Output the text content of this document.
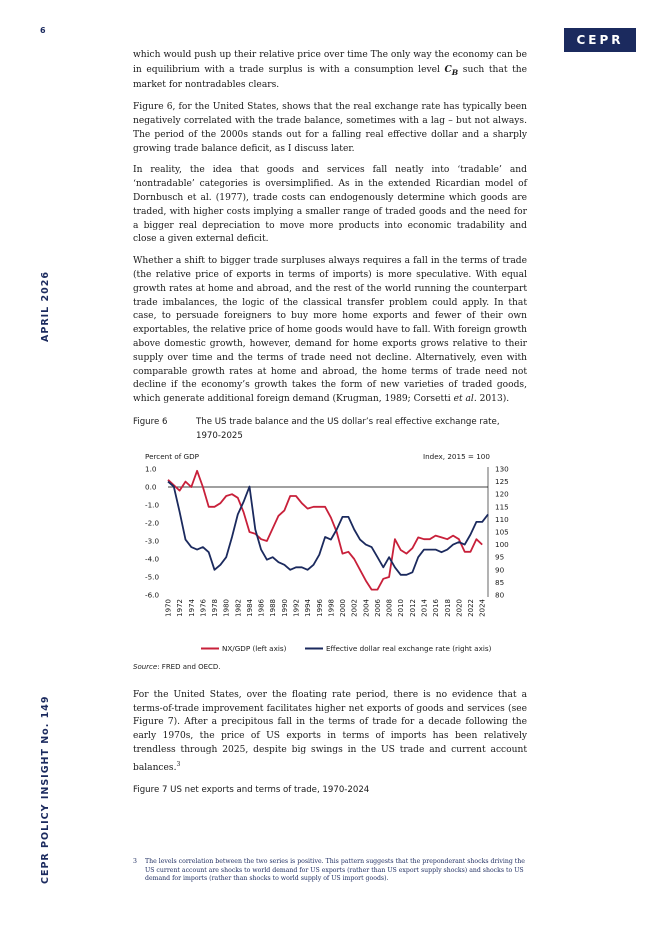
6
CEPR
APRIL 2026
CEPR POLICY INSIGHT No. 149

which would push up their relative price over time The only way the economy can be in equilibrium with a trade surplus is with a consumption level $C_B$ such that the market for nontradables clears.

Figure 6, for the United States, shows that the real exchange rate has typically been negatively correlated with the trade balance, sometimes with a lag – but not always. The period of the 2000s stands out for a falling real effective dollar and a sharply growing trade balance deficit, as I discuss later.

In reality, the idea that goods and services fall neatly into ‘tradable’ and ‘nontradable’ categories is oversimplified. As in the extended Ricardian model of Dornbusch et al. (1977), trade costs can endogenously determine which goods are traded, with higher costs implying a smaller range of traded goods and the need for a bigger real depreciation to move more products into economic tradability and close a given external deficit.

Whether a shift to bigger trade surpluses always requires a fall in the terms of trade (the relative price of exports in terms of imports) is more speculative. With equal growth rates at home and abroad, and the rest of the world running the counterpart trade imbalances, the logic of the classical transfer problem could apply. In that case, to persuade foreigners to buy more home exports and fewer of their own exportables, the relative price of home goods would have to fall. With foreign growth above domestic growth, however, demand for home exports grows relative to their supply over time and the terms of trade need not decline. Alternatively, even with comparable growth rates at home and abroad, the home terms of trade need not decline if the economy’s growth takes the form of new varieties of traded goods, which generate additional foreign demand (Krugman, 1989; Corsetti et al. 2013).

Figure 6	The US trade balance and the US dollar’s real effective exchange rate, 1970-2025
Percent of GDP	Index, 2015 = 100
1.0
0.0
-1.0
-2.0
-3.0
-4.0
-5.0
-6.0
130
125
120
115
110
105
100
95
90
85
80
1970 1972 1974 1976 1978 1980 1982 1984 1986 1988 1990 1992 1994 1996 1998 2000 2002 2004 2006 2008 2010 2012 2014 2016 2018 2020 2022 2024
NX/GDP (left axis)	Effective dollar real exchange rate (right axis)
Source: FRED and OECD.

For the United States, over the floating rate period, there is no evidence that a terms-of-trade improvement facilitates higher net exports of goods and services (see Figure 7). After a precipitous fall in the terms of trade for a decade following the early 1970s, the price of US exports in terms of imports has been relatively trendless through 2025, despite big swings in the US trade and current account balances.$^3$

Figure 7 US net exports and terms of trade, 1970-2024
3	The levels correlation between the two series is positive. This pattern suggests that the preponderant shocks driving the US current account are shocks to world demand for US exports (rather than US export supply shocks) and shocks to US demand for imports (rather than shocks to world supply of US import goods).
